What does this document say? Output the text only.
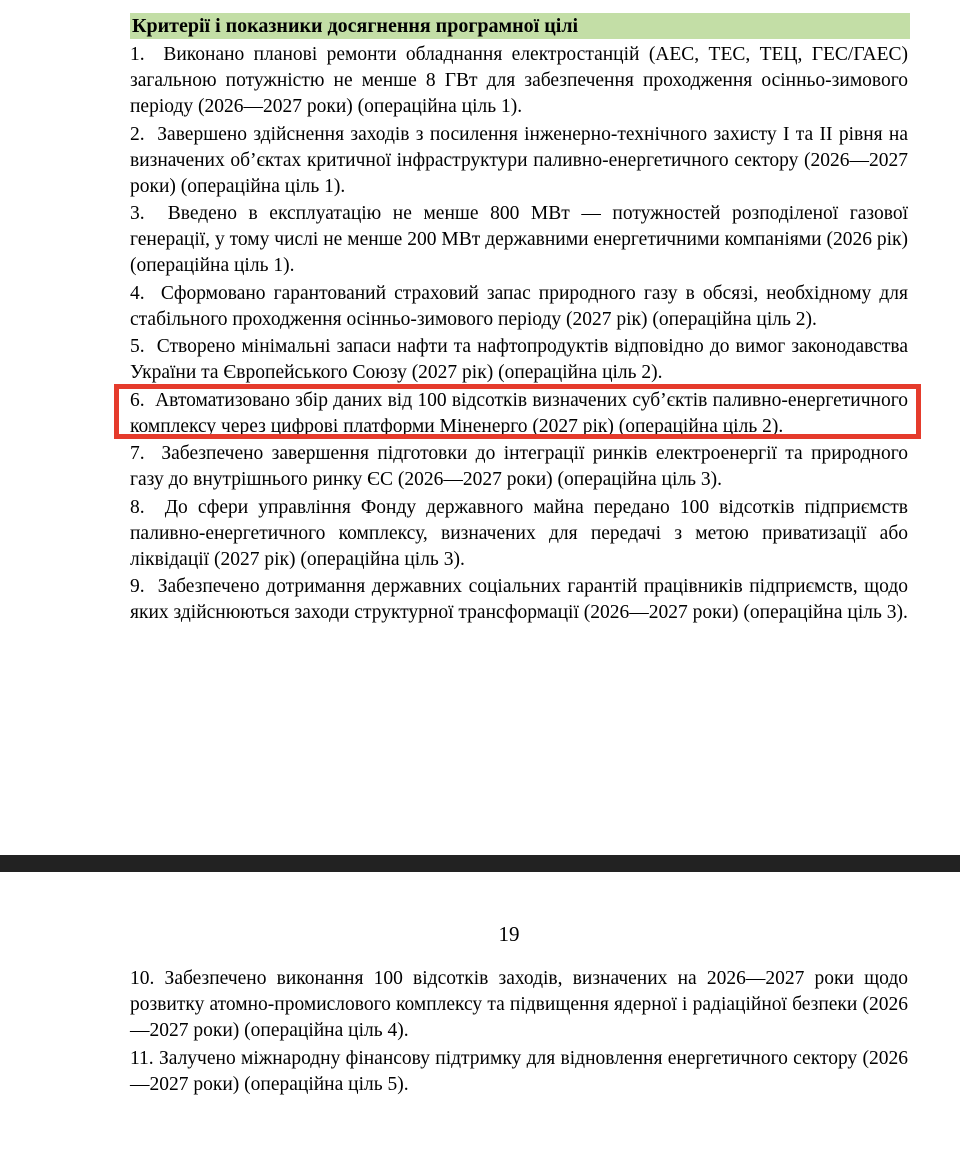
Критерії і показники досягнення програмної цілі
1. Виконано планові ремонти обладнання електростанцій (АЕС, ТЕС, ТЕЦ, ГЕС/ГАЕС) загальною потужністю не менше 8 ГВт для забезпечення проходження осінньо-зимового періоду (2026—2027 роки) (операційна ціль 1).
2. Завершено здійснення заходів з посилення інженерно-технічного захисту I та II рівня на визначених об’єктах критичної інфраструктури паливно-енергетичного сектору (2026—2027 роки) (операційна ціль 1).
3. Введено в експлуатацію не менше 800 МВт — потужностей розподіленої газової генерації, у тому числі не менше 200 МВт державними енергетичними компаніями (2026 рік) (операційна ціль 1).
4. Сформовано гарантований страховий запас природного газу в обсязі, необхідному для стабільного проходження осінньо-зимового періоду (2027 рік) (операційна ціль 2).
5. Створено мінімальні запаси нафти та нафтопродуктів відповідно до вимог законодавства України та Європейського Союзу (2027 рік) (операційна ціль 2).
6. Автоматизовано збір даних від 100 відсотків визначених суб’єктів паливно-енергетичного комплексу через цифрові платформи Міненерго (2027 рік) (операційна ціль 2).
7. Забезпечено завершення підготовки до інтеграції ринків електроенергії та природного газу до внутрішнього ринку ЄС (2026—2027 роки) (операційна ціль 3).
8. До сфери управління Фонду державного майна передано 100 відсотків підприємств паливно-енергетичного комплексу, визначених для передачі з метою приватизації або ліквідації (2027 рік) (операційна ціль 3).
9. Забезпечено дотримання державних соціальних гарантій працівників підприємств, щодо яких здійснюються заходи структурної трансформації (2026—2027 роки) (операційна ціль 3).
19
10. Забезпечено виконання 100 відсотків заходів, визначених на 2026—2027 роки щодо розвитку атомно-промислового комплексу та підвищення ядерної і радіаційної безпеки (2026—2027 роки) (операційна ціль 4).
11. Залучено міжнародну фінансову підтримку для відновлення енергетичного сектору (2026—2027 роки) (операційна ціль 5).
